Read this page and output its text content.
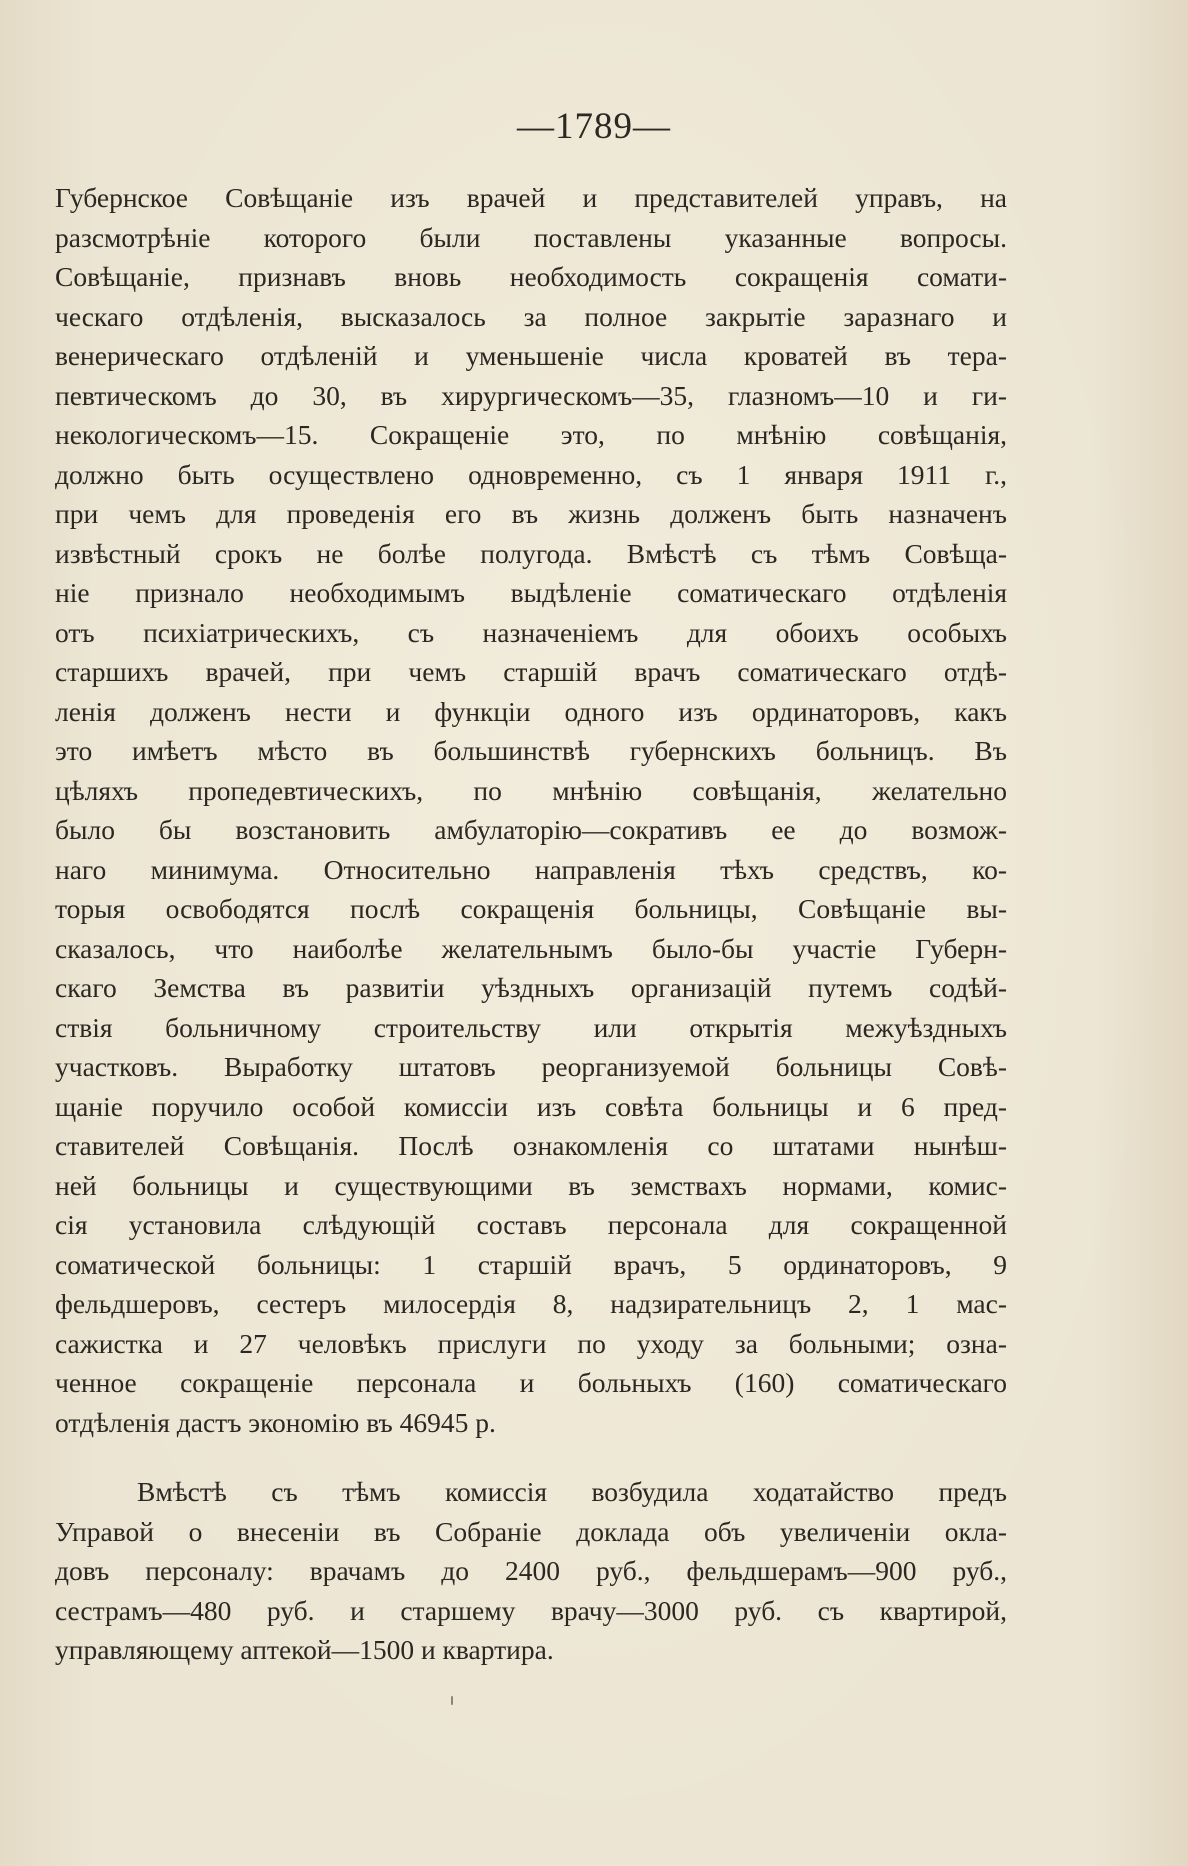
—1789—

Губернское Совѣщаніе изъ врачей и представителей управъ, на
разсмотрѣніе которого были поставлены указанные вопросы.
Совѣщаніе, признавъ вновь необходимость сокращенія сомати-
ческаго отдѣленія, высказалось за полное закрытіе заразнаго и
венерическаго отдѣленій и уменьшеніе числа кроватей въ тера-
певтическомъ до 30, въ хирургическомъ—35, глазномъ—10 и ги-
некологическомъ—15. Сокращеніе это, по мнѣнію совѣщанія,
должно быть осуществлено одновременно, съ 1 января 1911 г.,
при чемъ для проведенія его въ жизнь долженъ быть назначенъ
извѣстный срокъ не болѣе полугода. Вмѣстѣ съ тѣмъ Совѣща-
ніе признало необходимымъ выдѣленіе соматическаго отдѣленія
отъ психіатрическихъ, съ назначеніемъ для обоихъ особыхъ
старшихъ врачей, при чемъ старшій врачъ соматическаго отдѣ-
ленія долженъ нести и функціи одного изъ ординаторовъ, какъ
это имѣетъ мѣсто въ большинствѣ губернскихъ больницъ. Въ
цѣляхъ пропедевтическихъ, по мнѣнію совѣщанія, желательно
было бы возстановить амбулаторію—сокративъ ее до возмож-
наго минимума. Относительно направленія тѣхъ средствъ, ко-
торыя освободятся послѣ сокращенія больницы, Совѣщаніе вы-
сказалось, что наиболѣе желательнымъ было-бы участіе Губерн-
скаго Земства въ развитіи уѣздныхъ организацій путемъ содѣй-
ствія больничному строительству или открытія межуѣздныхъ
участковъ. Выработку штатовъ реорганизуемой больницы Совѣ-
щаніе поручило особой комиссіи изъ совѣта больницы и 6 пред-
ставителей Совѣщанія. Послѣ ознакомленія со штатами нынѣш-
ней больницы и существующими въ земствахъ нормами, комис-
сія установила слѣдующій составъ персонала для сокращенной
соматической больницы: 1 старшій врачъ, 5 ординаторовъ, 9
фельдшеровъ, сестеръ милосердія 8, надзирательницъ 2, 1 мас-
сажистка и 27 человѣкъ прислуги по уходу за больными; озна-
ченное сокращеніе персонала и больныхъ (160) соматическаго
отдѣленія дастъ экономію въ 46945 р.

Вмѣстѣ съ тѣмъ комиссія возбудила ходатайство предъ
Управой о внесеніи въ Собраніе доклада объ увеличеніи окла-
довъ персоналу: врачамъ до 2400 руб., фельдшерамъ—900 руб.,
сестрамъ—480 руб. и старшему врачу—3000 руб. съ квартирой,
управляющему аптекой—1500 и квартира.
